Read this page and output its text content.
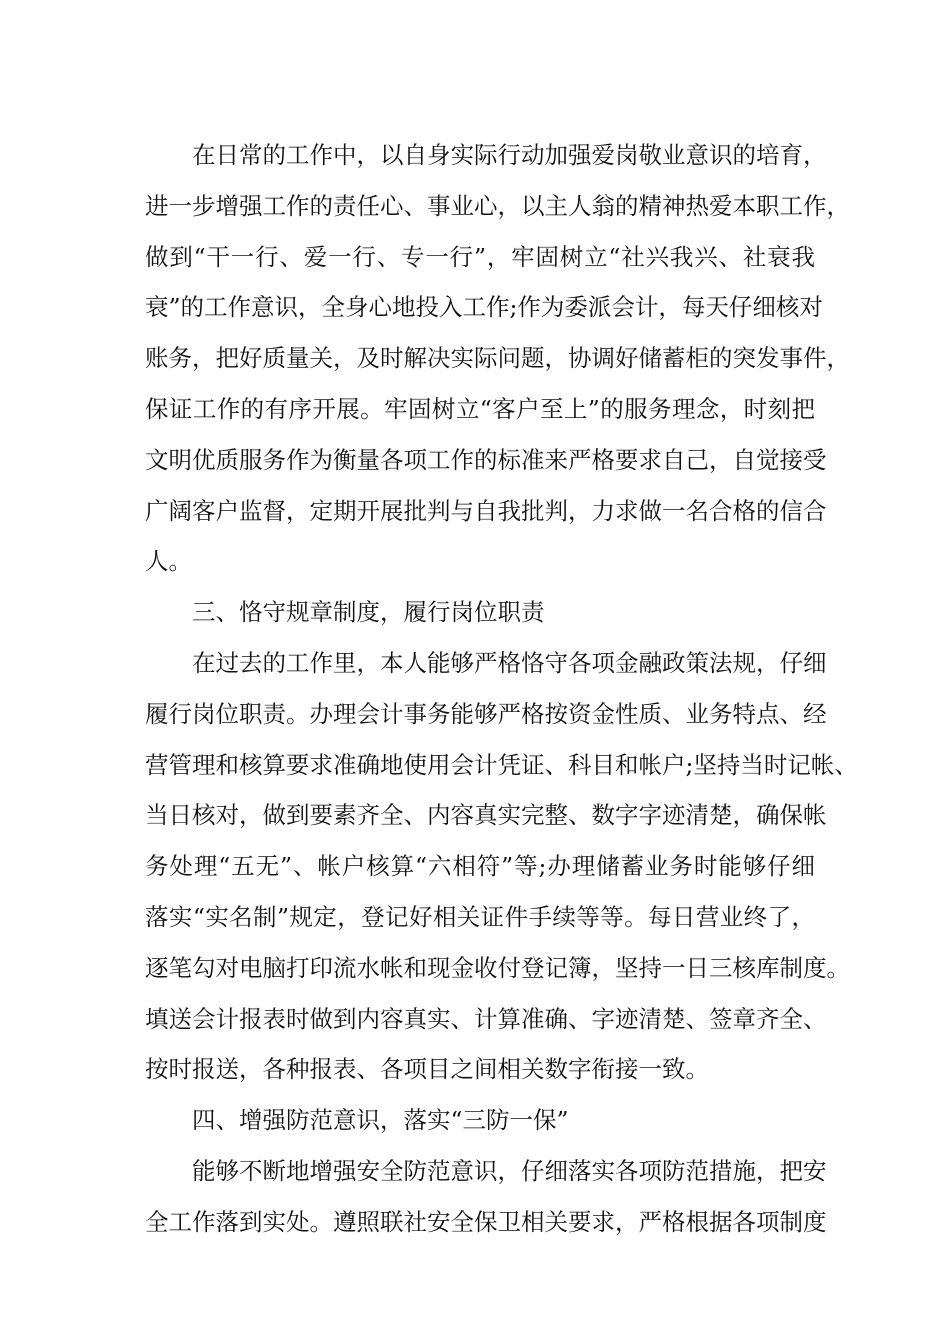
在日常的工作中，以自身实际行动加强爱岗敬业意识的培育，
进一步增强工作的责任心、事业心，以主人翁的精神热爱本职工作，
做到“干一行、爱一行、专一行”，牢固树立“社兴我兴、社衰我
衰”的工作意识，全身心地投入工作;作为委派会计，每天仔细核对
账务，把好质量关，及时解决实际问题，协调好储蓄柜的突发事件，
保证工作的有序开展。牢固树立“客户至上”的服务理念，时刻把
文明优质服务作为衡量各项工作的标准来严格要求自己，自觉接受
广阔客户监督，定期开展批判与自我批判，力求做一名合格的信合
人。
三、恪守规章制度，履行岗位职责
在过去的工作里，本人能够严格恪守各项金融政策法规，仔细
履行岗位职责。办理会计事务能够严格按资金性质、业务特点、经
营管理和核算要求准确地使用会计凭证、科目和帐户;坚持当时记帐、
当日核对，做到要素齐全、内容真实完整、数字字迹清楚，确保帐
务处理“五无”、帐户核算“六相符”等;办理储蓄业务时能够仔细
落实“实名制”规定，登记好相关证件手续等等。每日营业终了，
逐笔勾对电脑打印流水帐和现金收付登记簿，坚持一日三核库制度。
填送会计报表时做到内容真实、计算准确、字迹清楚、签章齐全、
按时报送，各种报表、各项目之间相关数字衔接一致。
四、增强防范意识，落实“三防一保”
能够不断地增强安全防范意识，仔细落实各项防范措施，把安
全工作落到实处。遵照联社安全保卫相关要求，严格根据各项制度
